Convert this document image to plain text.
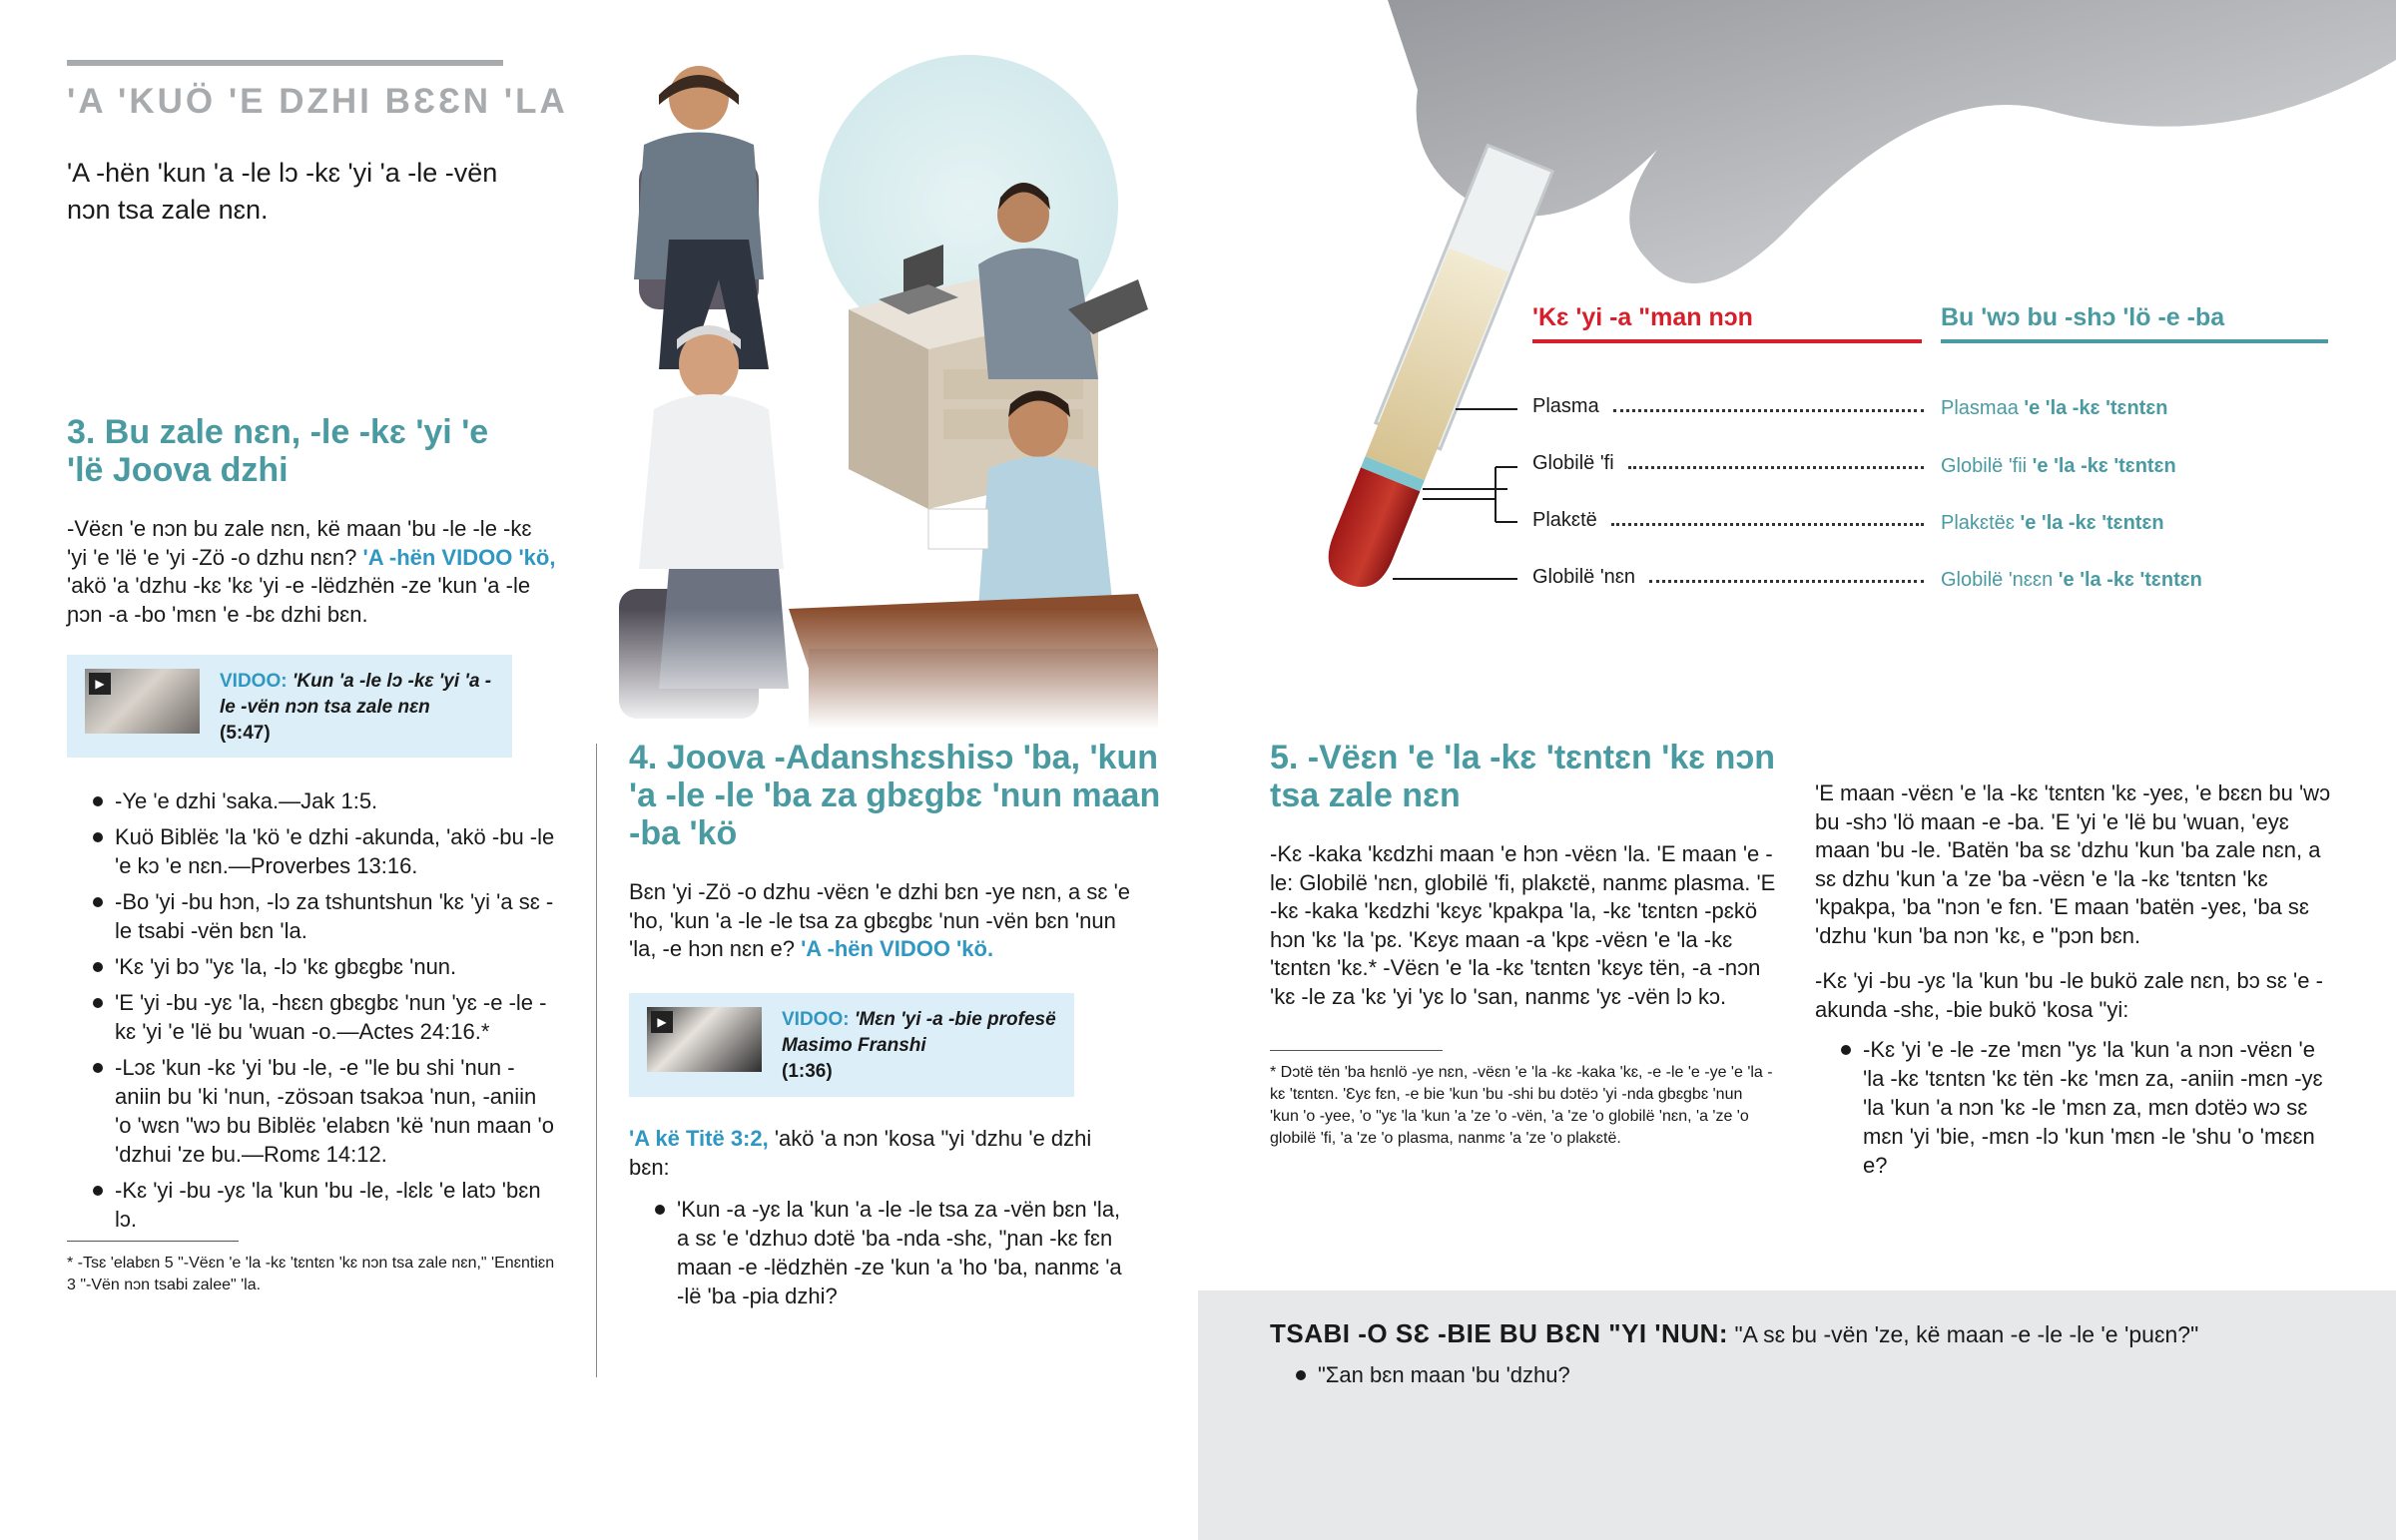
'A 'KUÖ 'E DZHI BƐƐN 'LA

'A -hën 'kun 'a -le lɔ -kɛ 'yi 'a -le -vën nɔn tsa zale nɛn.

3. Bu zale nɛn, -le -kɛ 'yi 'e 'lë Joova dzhi

-Vëɛn 'e nɔn bu zale nɛn, kë maan 'bu -le -le -kɛ 'yi 'e 'lë 'e 'yi -Zö -o dzhu nɛn? 'A -hën VIDOO 'kö, 'akö 'a 'dzhu -kɛ 'kɛ 'yi -e -lëdzhën -ze 'kun 'a -le ɲɔn -a -bo 'mɛn 'e -bɛ dzhi bɛn.

▶	VIDOO: 'Kun 'a -le lɔ -kɛ 'yi 'a -le -vën nɔn tsa zale nɛn
(5:47)
-Ye 'e dzhi 'saka.—Jak 1:5.
Kuö Biblëɛ 'la 'kö 'e dzhi -akunda, 'akö -bu -le 'e kɔ 'e nɛn.—Proverbes 13:16.
-Bo 'yi -bu hɔn, -lɔ za tshuntshun 'kɛ 'yi 'a sɛ -le tsabi -vën bɛn 'la.
'Kɛ 'yi bɔ "yɛ 'la, -lɔ 'kɛ gbɛgbɛ 'nun.
'E 'yi -bu -yɛ 'la, -hɛɛn gbɛgbɛ 'nun 'yɛ -e -le -kɛ 'yi 'e 'lë bu 'wuan -o.—Actes 24:16.*
-Lɔɛ 'kun -kɛ 'yi 'bu -le, -e "le bu shi 'nun -aniin bu 'ki 'nun, -zösɔan tsakɔa 'nun, -aniin 'o 'wɛn "wɔ bu Biblëɛ 'elabɛn 'kë 'nun maan 'o 'dzhui 'ze bu.—Romɛ 14:12.
-Kɛ 'yi -bu -yɛ 'la 'kun 'bu -le, -lɛlɛ 'e latɔ 'bɛn lɔ.

* -Tsɛ 'elabɛn 5 "-Vëɛn 'e 'la -kɛ 'tɛntɛn 'kɛ nɔn tsa zale nɛn," 'Enɛntiɛn 3 "-Vën nɔn tsabi zalee" 'la.

4. Joova -Adanshɛshisɔ 'ba, 'kun 'a -le -le 'ba za gbɛgbɛ 'nun maan -ba 'kö

Bɛn 'yi -Zö -o dzhu -vëɛn 'e dzhi bɛn -ye nɛn, a sɛ 'e 'ho, 'kun 'a -le -le tsa za gbɛgbɛ 'nun -vën bɛn 'nun 'la, -e hɔn nɛn e? 'A -hën VIDOO 'kö.

▶	VIDOO: 'Mɛn 'yi -a -bie profesë Masimo Franshi
(1:36)

'A kë Titë 3:2, 'akö 'a nɔn 'kosa "yi 'dzhu 'e dzhi bɛn:

'Kun -a -yɛ la 'kun 'a -le -le tsa za -vën bɛn 'la, a sɛ 'e 'dzhuɔ dɔtë 'ba -nda -shɛ, "ɲan -kɛ fɛn maan -e -lëdzhën -ze 'kun 'a 'ho 'ba, nanmɛ 'a -lë 'ba -pia dzhi?
'Kɛ 'yi -a "man nɔn	Bu 'wɔ bu -shɔ 'lö -e -ba
Plasma	Plasmaa 'e 'la -kɛ 'tɛntɛn
Globilë 'fi	Globilë 'fii 'e 'la -kɛ 'tɛntɛn
Plakɛtë	Plakɛtëɛ 'e 'la -kɛ 'tɛntɛn
Globilë 'nɛn	Globilë 'nɛɛn 'e 'la -kɛ 'tɛntɛn
5. -Vëɛn 'e 'la -kɛ 'tɛntɛn 'kɛ nɔn tsa zale nɛn

-Kɛ -kaka 'kɛdzhi maan 'e hɔn -vëɛn 'la. 'E maan 'e -le: Globilë 'nɛn, globilë 'fi, plakɛtë, nanmɛ plasma. 'E -kɛ -kaka 'kɛdzhi 'kɛyɛ 'kpakpa 'la, -kɛ 'tɛntɛn -pɛkö hɔn 'kɛ 'la 'pɛ. 'Kɛyɛ maan -a 'kpɛ -vëɛn 'e 'la -kɛ 'tɛntɛn 'kɛ.* -Vëɛn 'e 'la -kɛ 'tɛntɛn 'kɛyɛ tën, -a -nɔn 'kɛ -le za 'kɛ 'yi 'yɛ lo 'san, nanmɛ 'yɛ -vën lɔ kɔ.

* Dɔtë tën 'ba hɛnlö -ye nɛn, -vëɛn 'e 'la -kɛ -kaka 'kɛ, -e -le 'e -ye 'e 'la -kɛ 'tɛntɛn. 'Ɛyɛ fɛn, -e bie 'kun 'bu -shi bu dɔtëɔ 'yi -nda gbɛgbɛ 'nun 'kun 'o -yee, 'o "yɛ 'la 'kun 'a 'ze 'o -vën, 'a 'ze 'o globilë 'nɛn, 'a 'ze 'o globilë 'fi, 'a 'ze 'o plasma, nanmɛ 'a 'ze 'o plakɛtë.

'E maan -vëɛn 'e 'la -kɛ 'tɛntɛn 'kɛ -yeɛ, 'e bɛɛn bu 'wɔ bu -shɔ 'lö maan -e -ba. 'E 'yi 'e 'lë bu 'wuan, 'eyɛ maan 'bu -le. 'Batën 'ba sɛ 'dzhu 'kun 'ba zale nɛn, a sɛ dzhu 'kun 'a 'ze 'ba -vëɛn 'e 'la -kɛ 'tɛntɛn 'kɛ 'kpakpa, 'ba "nɔn 'e fɛn. 'E maan 'batën -yeɛ, 'ba sɛ 'dzhu 'kun 'ba nɔn 'kɛ, e "pɔn bɛn.

-Kɛ 'yi -bu -yɛ 'la 'kun 'bu -le bukö zale nɛn, bɔ sɛ 'e -akunda -shɛ, -bie bukö 'kosa "yi:

-Kɛ 'yi 'e -le -ze 'mɛn "yɛ 'la 'kun 'a nɔn -vëɛn 'e 'la -kɛ 'tɛntɛn 'kɛ tën -kɛ 'mɛn za, -aniin -mɛn -yɛ 'la 'kun 'a nɔn 'kɛ -le 'mɛn za, mɛn dɔtëɔ wɔ sɛ mɛn 'yi 'bie, -mɛn -lɔ 'kun 'mɛn -le 'shu 'o 'mɛɛn e?

TSABI -O SƐ -BIE BU BƐN "YI 'NUN: "A sɛ bu -vën 'ze, kë maan -e -le -le 'e 'puɛn?"

"Ʃan bɛn maan 'bu 'dzhu?
